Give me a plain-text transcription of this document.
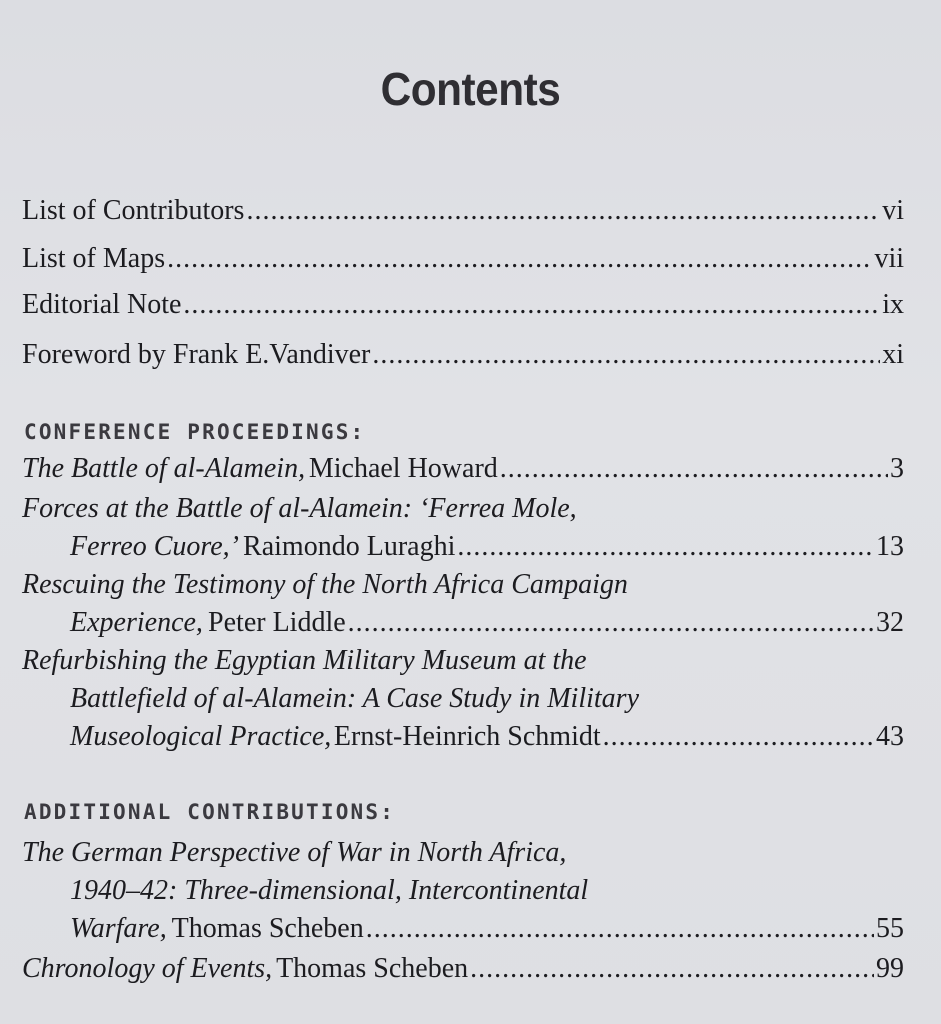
Contents
List of Contributors . . .	vi
List of Maps . . .	vii
Editorial Note . . .	ix
Foreword by Frank E.Vandiver . . .	xi
CONFERENCE PROCEEDINGS:
The Battle of al-Alamein, Michael Howard . . .	3
Forces at the Battle of al-Alamein: ‘Ferrea Mole,
Ferreo Cuore,’ Raimondo Luraghi . . .	13
Rescuing the Testimony of the North Africa Campaign
Experience, Peter Liddle . . .	32
Refurbishing the Egyptian Military Museum at the
Battlefield of al-Alamein: A Case Study in Military
Museological Practice, Ernst-Heinrich Schmidt . . .	43
ADDITIONAL CONTRIBUTIONS:
The German Perspective of War in North Africa,
1940–42: Three-dimensional, Intercontinental
Warfare, Thomas Scheben . . .	55
Chronology of Events, Thomas Scheben . . .	99
